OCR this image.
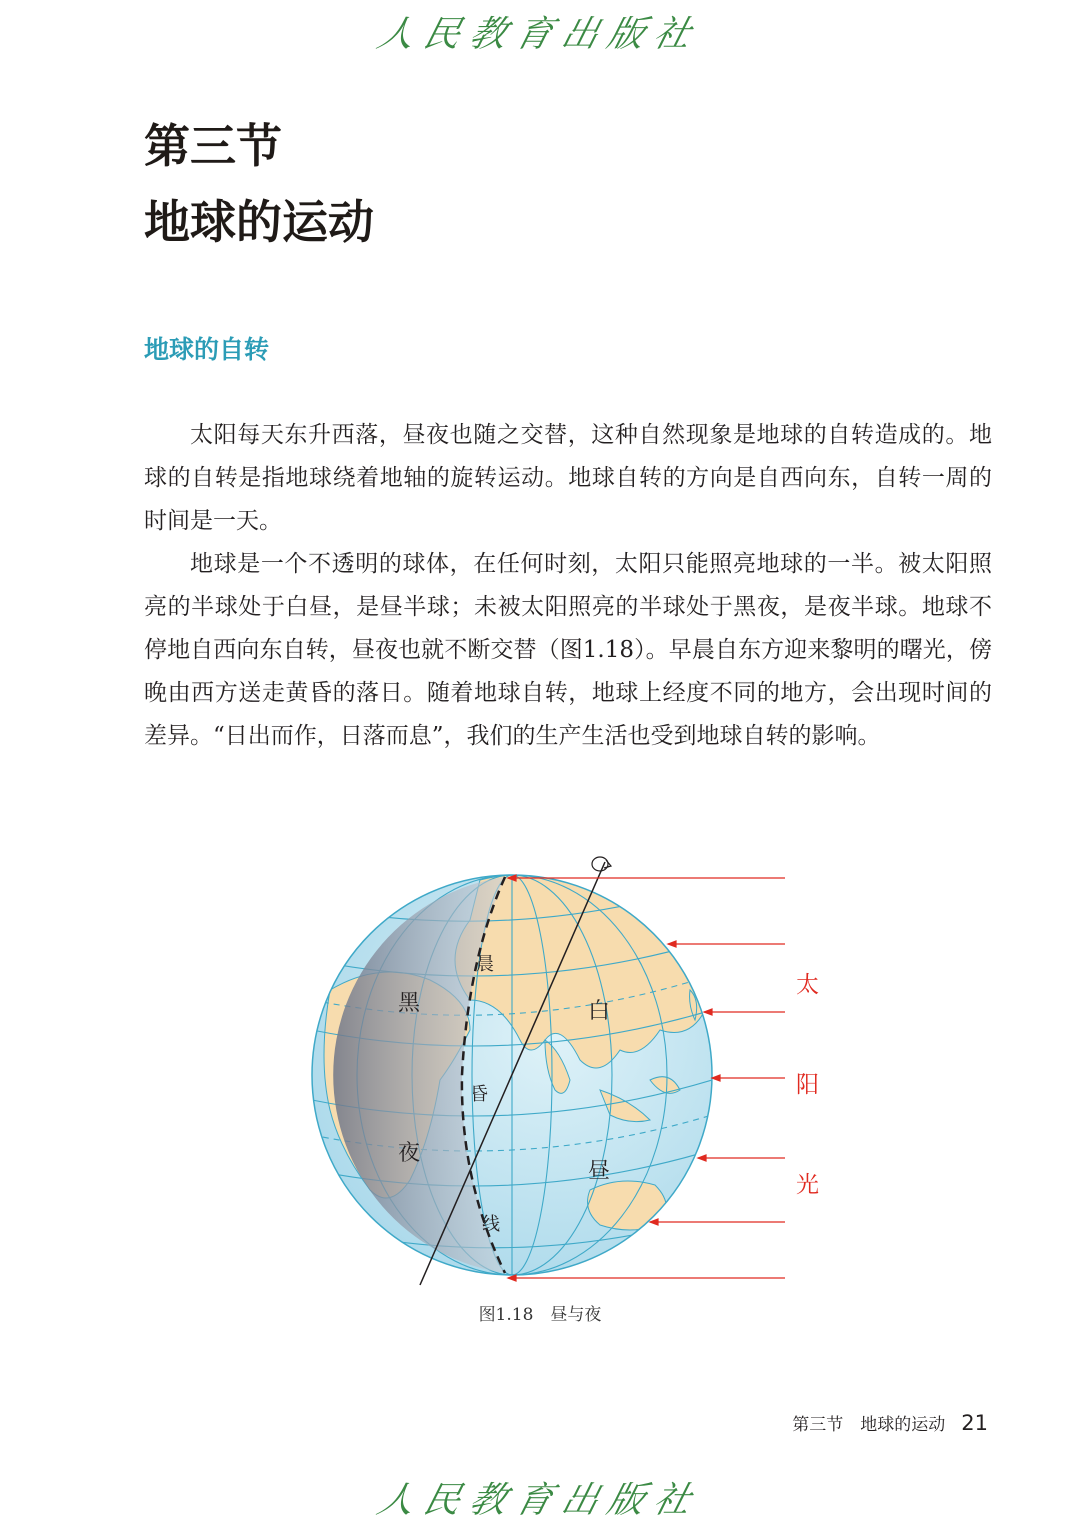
人民教育出版社
第三节
地球的运动
地球的自转

太阳每天东升西落，昼夜也随之交替，这种自然现象是地球的自转造成的。地球的自转是指地球绕着地轴的旋转运动。地球自转的方向是自西向东，自转一周的时间是一天。

地球是一个不透明的球体，在任何时刻，太阳只能照亮地球的一半。被太阳照亮的半球处于白昼，是昼半球；未被太阳照亮的半球处于黑夜，是夜半球。地球不停地自西向东自转，昼夜也就不断交替（图1.18）。早晨自东方迎来黎明的曙光，傍晚由西方送走黄昏的落日。随着地球自转，地球上经度不同的地方，会出现时间的差异。“日出而作，日落而息”，我们的生产生活也受到地球自转的影响。

黑
夜
白
昼
晨
昏
线
太
阳
光
图1.18　昼与夜
第三节　地球的运动 21
人民教育出版社
